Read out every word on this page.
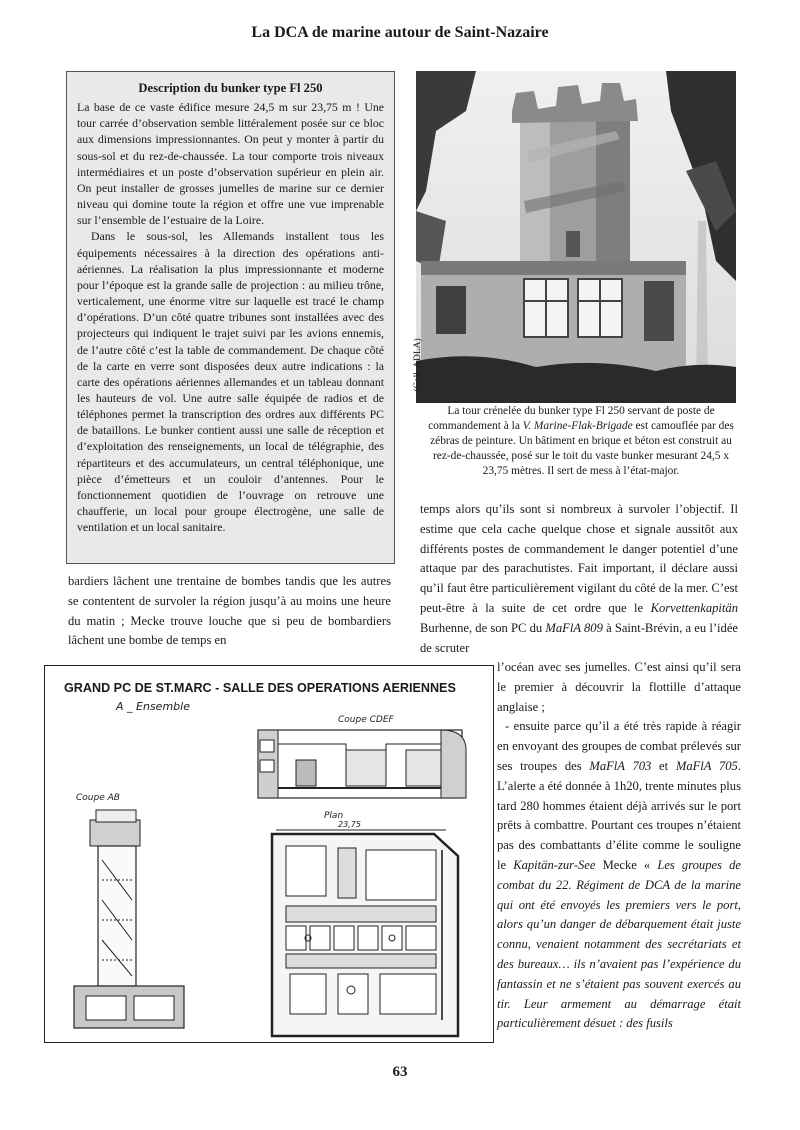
La DCA de marine autour de Saint-Nazaire
Description du bunker type Fl 250

La base de ce vaste édifice mesure 24,5 m sur 23,75 m ! Une tour carrée d’observation semble littéralement posée sur ce bloc aux dimensions impressionnantes. On peut y monter à partir du sous-sol et du rez-de-chaussée. La tour comporte trois niveaux intermédiaires et un poste d’observation supérieur en plein air. On peut installer de grosses jumelles de marine sur ce dernier niveau qui domine toute la région et offre une vue imprenable sur l’ensemble de l’estuaire de la Loire.

Dans le sous-sol, les Allemands installent tous les équipements nécessaires à la direction des opérations anti-aériennes. La réalisation la plus impressionnante et moderne pour l’époque est la grande salle de projection : au milieu trône, verticalement, une énorme vitre sur laquelle est tracé le champ d’opérations. D’un côté quatre tribunes sont installées avec des projecteurs qui indiquent le trajet suivi par les avions ennemis, de l’autre côté c’est la table de commandement. De chaque côté de la carte en verre sont disposées deux autre indications : la carte des opérations aériennes allemandes et un tableau donnant les hauteurs de vol. Une autre salle équipée de radios et de téléphones permet la transcription des ordres aux différents PC de bataillons. Le bunker contient aussi une salle de réception et d’exploitation des renseignements, un local de télégraphie, des répartiteurs et des accumulateurs, un central téléphonique, une pièce d’émetteurs et un couloir d’antennes. Pour le fonctionnement quotidien de l’ouvrage on retrouve une chaufferie, un local pour groupe électrogène, une salle de ventilation et un local sanitaire.

(Coll. ADLA)
La tour crénelée du bunker type Fl 250 servant de poste de commandement à la V. Marine-Flak-Brigade est camouflée par des zébras de peinture. Un bâtiment en brique et béton est construit au rez-de-chaussée, posé sur le toit du vaste bunker mesurant 24,5 x 23,75 mètres. Il sert de mess à l’état-major.

bardiers lâchent une trentaine de bombes tandis que les autres se contentent de survoler la région jusqu’à au moins une heure du matin ; Mecke trouve louche que si peu de bombardiers lâchent une bombe de temps en

temps alors qu’ils sont si nombreux à survoler l’objectif. Il estime que cela cache quelque chose et signale aussitôt aux différents postes de commandement le danger potentiel d’une attaque par des parachutistes. Fait important, il déclare aussi qu’il faut être particulièrement vigilant du côté de la mer. C’est peut-être à la suite de cet ordre que le Korvettenkapitän Burhenne, de son PC du MaFlA 809 à Saint-Brévin, a eu l’idée de scruter

l’océan avec ses jumelles. C’est ainsi qu’il sera le premier à découvrir la flottille d’attaque anglaise ;

- ensuite parce qu’il a été très rapide à réagir en envoyant des groupes de combat prélevés sur ses troupes des MaFlA 703 et MaFlA 705. L’alerte a été donnée à 1h20, trente minutes plus tard 280 hommes étaient déjà arrivés sur le port prêts à combattre. Pourtant ces troupes n’étaient pas des combattants d’élite comme le souligne le Kapitän-zur-See Mecke « Les groupes de combat du 22. Régiment de DCA de la marine qui ont été envoyés les premiers vers le port, alors qu’un danger de débarquement était juste connu, venaient notamment des secrétariats et des bureaux… ils n’avaient pas l’expérience du fantassin et ne s’étaient pas souvent exercés au tir. Leur armement au démarrage était particulièrement désuet : des fusils

GRAND PC DE ST.MARC - SALLE DES OPERATIONS AERIENNES
A _ Ensemble
Coupe CDEF
Coupe AB
Plan
23,75
63
